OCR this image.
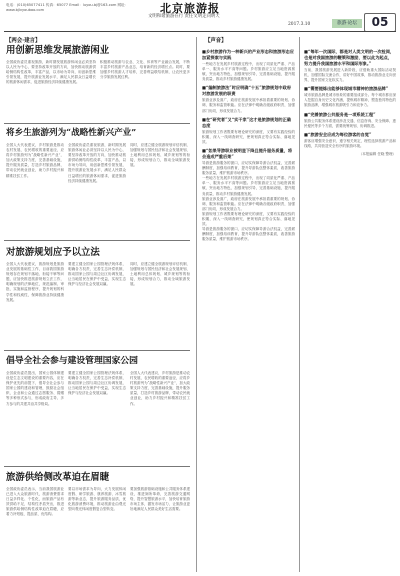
电话：(010)65077411 传真：65077 Email：luyou.bj@163.com 网址：www.bjlvyoubao.com	北京旅游报
文明和谐旅游在行 责任文明走向明天
2017.3.10	旅游·论坛	05
【两会·建言】	【声音】
用创新思维发展旅游闲业

全国政协委员重视旅游，新时期发展旅游休闲业必须坚持以人民为中心，要坚持改革开放的方向，加快推动旅游供给侧结构性改革，丰富产品，以市场为导向，用创新思维引领发展，提升旅游业发展水平，满足人民群众日益增长的旅游休闲需求，促进旅游经济持续健康发展。

积极推动旅游与农业、文化、体育等产业融合发展，不断丰富乡村旅游产品业态，培育新的经济增长点。同时，要加强乡村旅游人才培养，完善利益联结机制，让农民更多分享旅游发展红利。

将乡生旅游列为“战略性新兴产业”

全国人大代表建议，乡村旅游是推动农村发展、农民增收的重要途径，应将乡村旅游列为“战略性新兴产业”，加大政策支持力度，完善基础设施，提升服务质量，打造乡村旅游品牌，带动农民就业创业，助力乡村振兴和精准扶贫工作。

全国政协委员重视旅游，新时期发展旅游休闲业必须坚持以人民为中心，要坚持改革开放的方向，加快推动旅游供给侧结构性改革，丰富产品，以市场为导向，用创新思维引领发展，提升旅游业发展水平，满足人民群众日益增长的旅游休闲需求，促进旅游经济持续健康发展。

同时，应建立健全旅游规划评估机制，加强规划与国民经济和社会发展规划、土地利用总体规划、城乡规划等的衔接，形成规划合力，推动全域旅游发展。

对旅游规划应予以立法

全国人大代表建议，旅游规划是旅游业发展的基础性工作，目前我国旅游规划存在规划不落地、衔接不够等问题，应加快推进旅游规划立法工作，明确规划的法律地位，规范编制、审批、实施和监督程序，提升规划的科学性和权威性，保障旅游业持续健康发展。

要建立健全国家公园管理法规体系，明确各方权责，完善生态补偿机制，推动国家公园与周边社区协调发展，让当地居民在保护中受益，实现生态保护与经济社会发展双赢。

同时，应建立健全旅游规划评估机制，加强规划与国民经济和社会发展规划、土地利用总体规划、城乡规划等的衔接，形成规划合力，推动全域旅游发展。

倡导全社会参与建设管理国家公园

全国政协委员提出，国家公园体制建设是生态文明建设的重要内容，应在保护优先的前提下，倡导全社会参与国家公园的建设和管理，鼓励社会组织、企业和公众通过志愿服务、捐赠等多种形式参与，形成政府主导、多方参与的共建共治共享格局。

要建立健全国家公园管理法规体系，明确各方权责，完善生态补偿机制，推动国家公园与周边社区协调发展，让当地居民在保护中受益，实现生态保护与经济社会发展双赢。

全国人大代表建议，乡村旅游是推动农村发展、农民增收的重要途径，应将乡村旅游列为“战略性新兴产业”，加大政策支持力度，完善基础设施，提升服务质量，打造乡村旅游品牌，带动农民就业创业，助力乡村振兴和精准扶贫工作。

旅游供给侧改革迫在眉睫

全国政协委员表示，当前我国旅游业已进入大众旅游时代，旅游消费需求日益多样化、个性化，而旅游产品有效供给不足，结构性矛盾突出，推进旅游供给侧结构性改革迫在眉睫，应着力补短板、提品质、优结构。

要以市场需求为导向，大力发展休闲度假、研学旅游、康养旅游、冰雪旅游等新业态，提升旅游服务品质，优化旅游消费环境，推动旅游业由观光型向观光休闲度假复合型转变。

要加强旅游基础设施和公共服务体系建设，推进厕所革命，完善旅游交通网络，提升智慧旅游水平，加快培育旅游市场主体，激发市场活力，让旅游业更好地满足人民群众美好生活需要。

■乡村旅游作为一种新兴的产业形态和旅游形态应加紧探索与实践

一些地方在发展乡村旅游过程中，出现了同质化严重、产品单一、服务水平不高等问题。乡村旅游应立足当地资源禀赋，突出地方特色，加强规划引导，完善基础设施，提升服务质量，推动乡村旅游健康发展。

■“编制旅游法”时应明确“十五”旅游规划中政府对旅游发展的职责

旅游业涉及面广，政府在旅游发展中承担着重要的规划、协调、服务和监管职能。应在法律中明确各级政府职责，加强部门协同，形成发展合力。

■在“研究者”又“实干家”这才是旅游规划的正确态度

旅游规划工作者既要有理论研究的深度，又要有实践经验的积累，深入一线调查研究，使规划真正符合实际、落地见效。

■“如果导游职业被明显下降且提升服务质量，将会造成严重后果”

导游是旅游服务的窗口，应切实保障导游合法权益，完善薪酬制度，加强培训教育，提升导游队伍整体素质，改善旅游服务质量，维护旅游市场秩序。

一些地方在发展乡村旅游过程中，出现了同质化严重、产品单一、服务水平不高等问题。乡村旅游应立足当地资源禀赋，突出地方特色，加强规划引导，完善基础设施，提升服务质量，推动乡村旅游健康发展。

旅游业涉及面广，政府在旅游发展中承担着重要的规划、协调、服务和监管职能。应在法律中明确各级政府职责，加强部门协同，形成发展合力。

旅游规划工作者既要有理论研究的深度，又要有实践经验的积累，深入一线调查研究，使规划真正符合实际、落地见效。

导游是旅游服务的窗口，应切实保障导游合法权益，完善薪酬制度，加强培训教育，提升导游队伍整体素质，改善旅游服务质量，维护旅游市场秩序。

■“每年一次国际，都是对人类文明的一次检阅，也是对我国旅游的鞭策和激励，要以此为起点，努力提升我国旅游水平和国际形象。”

当前，我国旅游发展进入新阶段，应借助重大国际活动契机，加强国际交流合作，讲好中国故事，推动旅游业走向世界，提升国家文化软实力。

■“需要提炼出能够体现城市精神的旅游品牌”

城市旅游品牌是城市形象的重要组成部分。每个城市都应深入挖掘自身历史文化内涵，提炼城市精神，塑造独具特色的旅游品牌，增强城市旅游吸引力和竞争力。

■“完善旅游公共服务是一项系统工程”

旅游公共服务体系建设涉及交通、信息咨询、安全保障、惠民便民等多个方面，需要统筹规划、协调推进。

■“旅游安全应成为每位游客的自觉”

游客应增强安全意识，遵守相关规定，理性选择旅游产品和线路，共同营造安全有序的旅游环境。

（本报编辑 任晓 整理）
